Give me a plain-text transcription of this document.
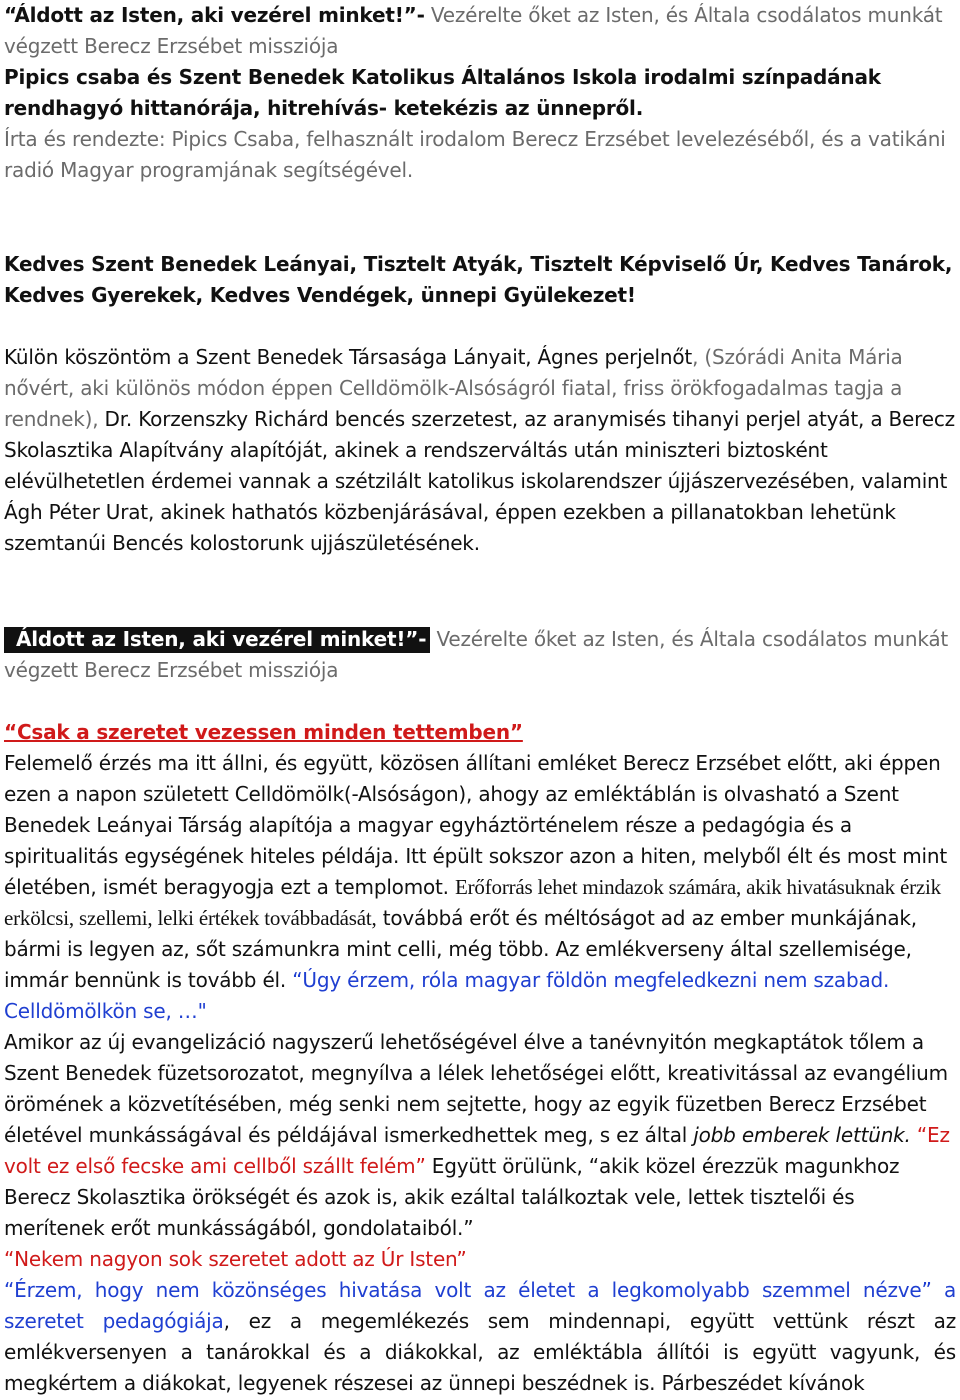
“Áldott az Isten, aki vezérel minket!”- Vezérelte őket az Isten, és Általa csodálatos munkát végzett Berecz Erzsébet missziója
Pipics csaba és Szent Benedek Katolikus Általános Iskola irodalmi színpadának rendhagyó hittanórája, hitrehívás- ketekézis az ünnepről.
Írta és rendezte: Pipics Csaba, felhasznált irodalom Berecz Erzsébet levelezéséből, és a vatikáni radió Magyar programjának segítségével.
Kedves Szent Benedek Leányai, Tisztelt Atyák, Tisztelt Képviselő Úr, Kedves Tanárok, Kedves Gyerekek, Kedves Vendégek, ünnepi Gyülekezet!
Külön köszöntöm a Szent Benedek Társasága Lányait, Ágnes perjelnőt, (Szórádi Anita Mária nővért, aki különös módon éppen Celldömölk-Alsóságról fiatal, friss örökfogadalmas tagja a rendnek), Dr. Korzenszky Richárd bencés szerzetest, az aranymisés tihanyi perjel atyát, a Berecz Skolasztika Alapítvány alapítóját, akinek a rendszerváltás után miniszteri biztosként elévülhetetlen érdemei vannak a szétzilált katolikus iskolarendszer újjászervezésében, valamint Ágh Péter Urat, akinek hathatós közbenjárásával, éppen ezekben a pillanatokban lehetünk szemtanúi Bencés kolostorunk ujjászületésének.
Áldott az Isten, aki vezérel minket!”- Vezérelte őket az Isten, és Általa csodálatos munkát végzett Berecz Erzsébet missziója
“Csak a szeretet vezessen minden tettemben”
Felemelő érzés ma itt állni, és együtt, közösen állítani emléket Berecz Erzsébet előtt, aki éppen ezen a napon született Celldömölk(-Alsóságon), ahogy az emléktáblán is olvasható a Szent Benedek Leányai Társág alapítója a magyar egyháztörténelem része a pedagógia és a spiritualitás egységének hiteles példája. Itt épült sokszor azon a hiten, melyből élt és most mint életében, ismét beragyogja ezt a templomot. Erőforrás lehet mindazok számára, akik hivatásuknak érzik erkölcsi, szellemi, lelki értékek továbbadását, továbbá erőt és méltóságot ad az ember munkájának, bármi is legyen az, sőt számunkra mint celli, még több. Az emlékverseny által szellemisége, immár bennünk is tovább él. “Úgy érzem, róla magyar földön megfeledkezni nem szabad. Celldömölkön se, …"
Amikor az új evangelizáció nagyszerű lehetőségével élve a tanévnyitón megkaptátok tőlem a Szent Benedek füzetsorozatot, megnyílva a lélek lehetőségei előtt, kreativitással az evangélium örömének a közvetítésében, még senki nem sejtette, hogy az egyik füzetben Berecz Erzsébet életével munkásságával és példájával ismerkedhettek meg, s ez által jobb emberek lettünk. “Ez volt ez első fecske ami cellből szállt felém” Együtt örülünk, “akik közel érezzük magunkhoz Berecz Skolasztika örökségét és azok is, akik ezáltal találkoztak vele, lettek tisztelői és merítenek erőt munkásságából, gondolataiból.”
“Nekem nagyon sok szeretet adott az Úr Isten”
“Érzem, hogy nem közönséges hivatása volt az életet a legkomolyabb szemmel nézve” a szeretet pedagógiája, ez a megemlékezés sem mindennapi, együtt vettünk részt az emlékversenyen a tanárokkal és a diákokkal, az emléktábla állítói is együtt vagyunk, és megkértem a diákokat, legyenek részesei az ünnepi beszédnek is. Párbeszédet kívánok
